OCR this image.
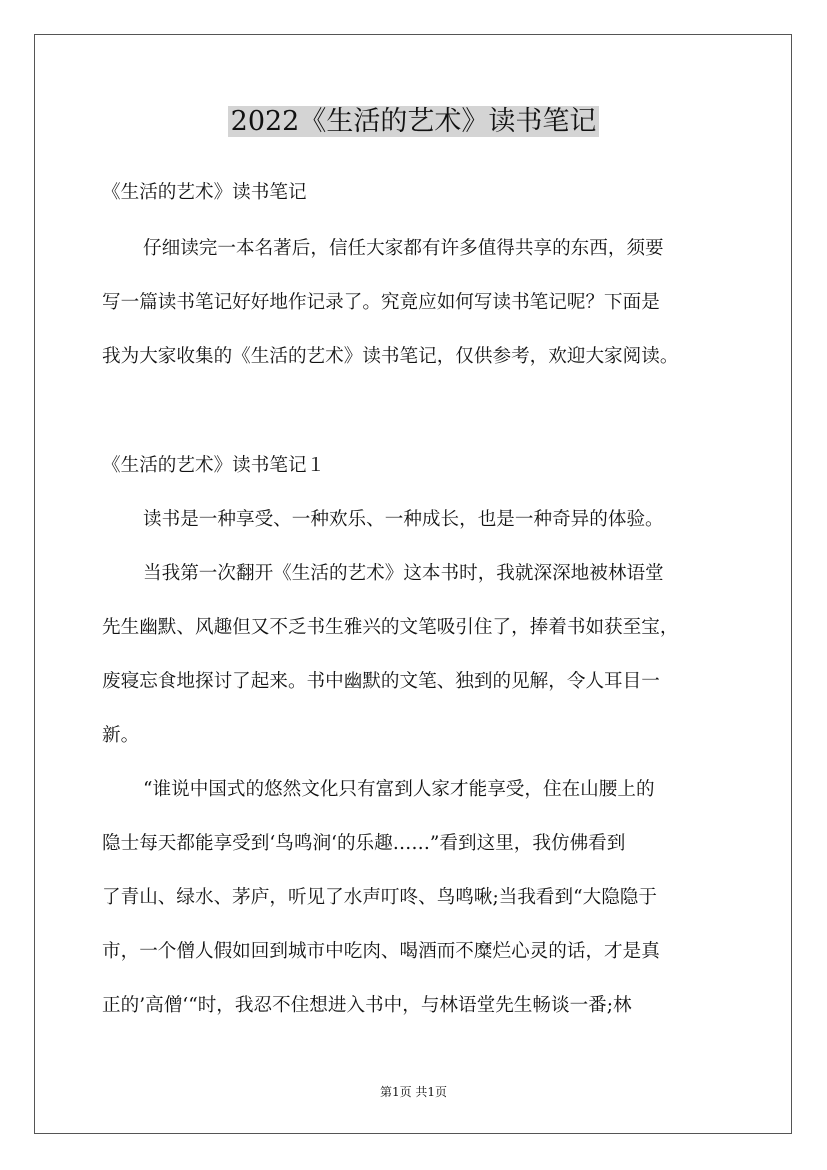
2022《生活的艺术》读书笔记
《生活的艺术》读书笔记
仔细读完一本名著后，信任大家都有许多值得共享的东西，须要
写一篇读书笔记好好地作记录了。究竟应如何写读书笔记呢？下面是
我为大家收集的《生活的艺术》读书笔记，仅供参考，欢迎大家阅读。
《生活的艺术》读书笔记１
读书是一种享受、一种欢乐、一种成长，也是一种奇异的体验。
当我第一次翻开《生活的艺术》这本书时，我就深深地被林语堂
先生幽默、风趣但又不乏书生雅兴的文笔吸引住了，捧着书如获至宝，
废寝忘食地探讨了起来。书中幽默的文笔、独到的见解，令人耳目一
新。
“谁说中国式的悠然文化只有富到人家才能享受，住在山腰上的
隐士每天都能享受到‘鸟鸣涧‘的乐趣……”看到这里，我仿佛看到
了青山、绿水、茅庐，听见了水声叮咚、鸟鸣啾;当我看到“大隐隐于
市，一个僧人假如回到城市中吃肉、喝酒而不糜烂心灵的话，才是真
正的’高僧‘“时，我忍不住想进入书中，与林语堂先生畅谈一番;林
第1页 共1页
